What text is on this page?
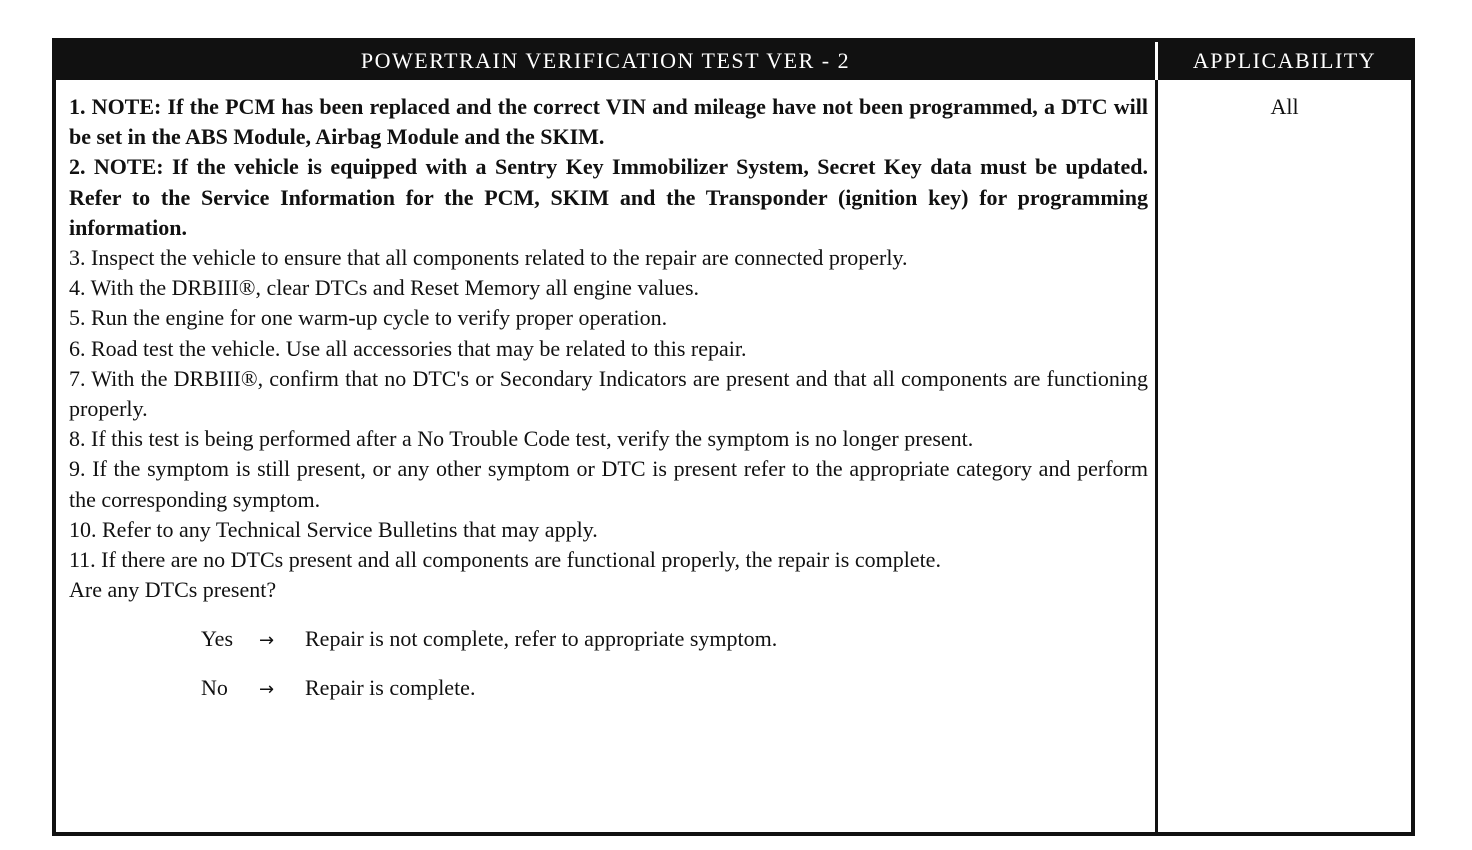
POWERTRAIN VERIFICATION TEST VER - 2	APPLICABILITY

1. NOTE: If the PCM has been replaced and the correct VIN and mileage have not been programmed, a DTC will be set in the ABS Module, Airbag Module and the SKIM.

2. NOTE: If the vehicle is equipped with a Sentry Key Immobilizer System, Secret Key data must be updated. Refer to the Service Information for the PCM, SKIM and the Transponder (ignition key) for programming information.

3. Inspect the vehicle to ensure that all components related to the repair are connected properly.

4. With the DRBIII®, clear DTCs and Reset Memory all engine values.

5. Run the engine for one warm-up cycle to verify proper operation.

6. Road test the vehicle. Use all accessories that may be related to this repair.

7. With the DRBIII®, confirm that no DTC's or Secondary Indicators are present and that all components are functioning properly.

8. If this test is being performed after a No Trouble Code test, verify the symptom is no longer present.

9. If the symptom is still present, or any other symptom or DTC is present refer to the appropriate category and perform the corresponding symptom.

10. Refer to any Technical Service Bulletins that may apply.

11. If there are no DTCs present and all components are functional properly, the repair is complete.

Are any DTCs present?

Yes	→	Repair is not complete, refer to appropriate symptom.
No	→	Repair is complete.
All
